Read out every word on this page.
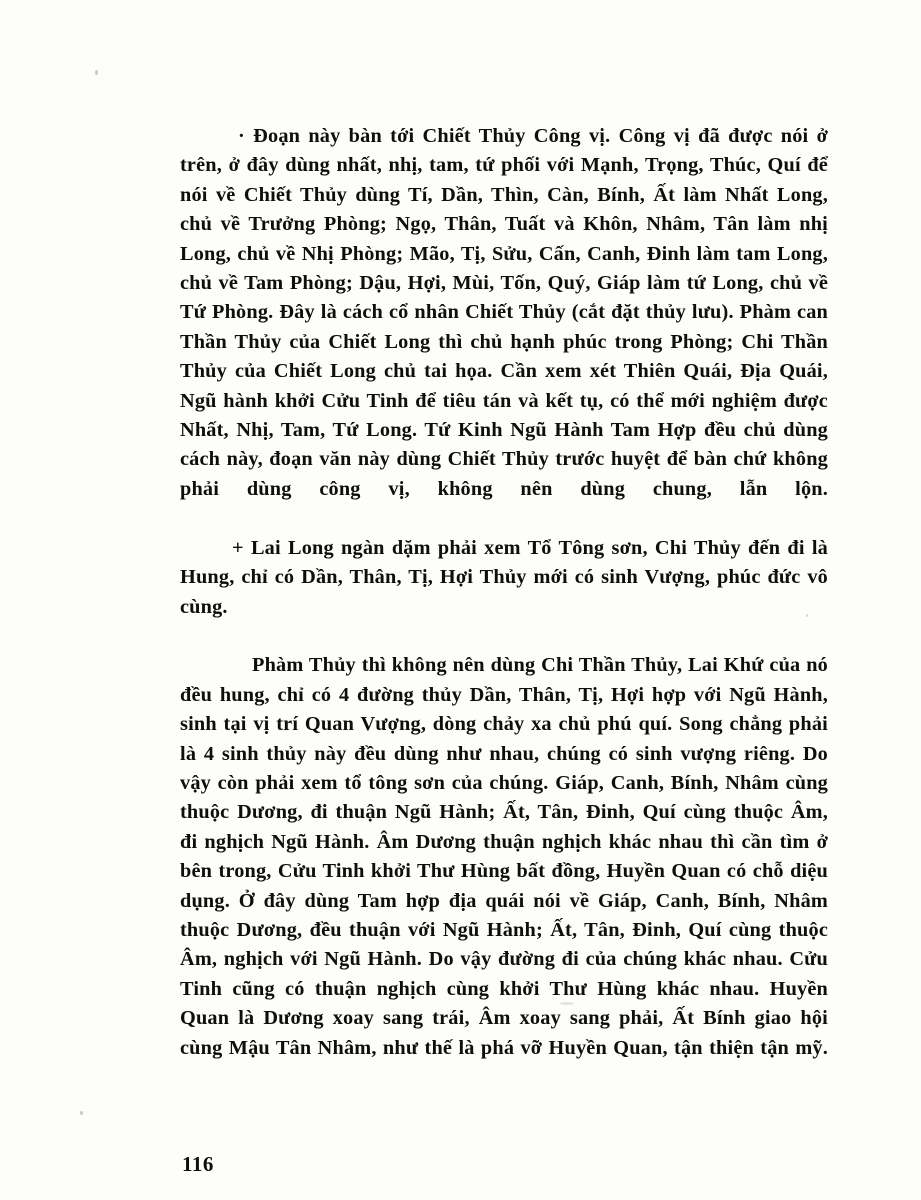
· Đoạn này bàn tới Chiết Thủy Công vị. Công vị đã được nói ở trên, ở đây dùng nhất, nhị, tam, tứ phối với Mạnh, Trọng, Thúc, Quí để nói về Chiết Thủy dùng Tí, Dần, Thìn, Càn, Bính, Ất làm Nhất Long, chủ về Trưởng Phòng; Ngọ, Thân, Tuất và Khôn, Nhâm, Tân làm nhị Long, chủ về Nhị Phòng; Mão, Tị, Sửu, Cấn, Canh, Đinh làm tam Long, chủ về Tam Phòng; Dậu, Hợi, Mùi, Tốn, Quý, Giáp làm tứ Long, chủ về Tứ Phòng. Đây là cách cổ nhân Chiết Thủy (cắt đặt thủy lưu). Phàm can Thần Thủy của Chiết Long thì chủ hạnh phúc trong Phòng; Chi Thần Thủy của Chiết Long chủ tai họa. Cần xem xét Thiên Quái, Địa Quái, Ngũ hành khởi Cửu Tinh để tiêu tán và kết tụ, có thể mới nghiệm được Nhất, Nhị, Tam, Tứ Long. Tứ Kinh Ngũ Hành Tam Hợp đều chủ dùng cách này, đoạn văn này dùng Chiết Thủy trước huyệt để bàn chứ không phải dùng công vị, không nên dùng chung, lẫn lộn.

+ Lai Long ngàn dặm phải xem Tổ Tông sơn, Chi Thủy đến đi là Hung, chỉ có Dần, Thân, Tị, Hợi Thủy mới có sinh Vượng, phúc đức vô cùng.

Phàm Thủy thì không nên dùng Chi Thần Thủy, Lai Khứ của nó đều hung, chỉ có 4 đường thủy Dần, Thân, Tị, Hợi hợp với Ngũ Hành, sinh tại vị trí Quan Vượng, dòng chảy xa chủ phú quí. Song chẳng phải là 4 sinh thủy này đều dùng như nhau, chúng có sinh vượng riêng. Do vậy còn phải xem tổ tông sơn của chúng. Giáp, Canh, Bính, Nhâm cùng thuộc Dương, đi thuận Ngũ Hành; Ất, Tân, Đinh, Quí cùng thuộc Âm, đi nghịch Ngũ Hành. Âm Dương thuận nghịch khác nhau thì cần tìm ở bên trong, Cửu Tinh khởi Thư Hùng bất đồng, Huyền Quan có chỗ diệu dụng. Ở đây dùng Tam hợp địa quái nói về Giáp, Canh, Bính, Nhâm thuộc Dương, đều thuận với Ngũ Hành; Ất, Tân, Đinh, Quí cùng thuộc Âm, nghịch với Ngũ Hành. Do vậy đường đi của chúng khác nhau. Cửu Tinh cũng có thuận nghịch cùng khởi Thư Hùng khác nhau. Huyền Quan là Dương xoay sang trái, Âm xoay sang phải, Ất Bính giao hội cùng Mậu Tân Nhâm, như thế là phá vỡ Huyền Quan, tận thiện tận mỹ.

116
